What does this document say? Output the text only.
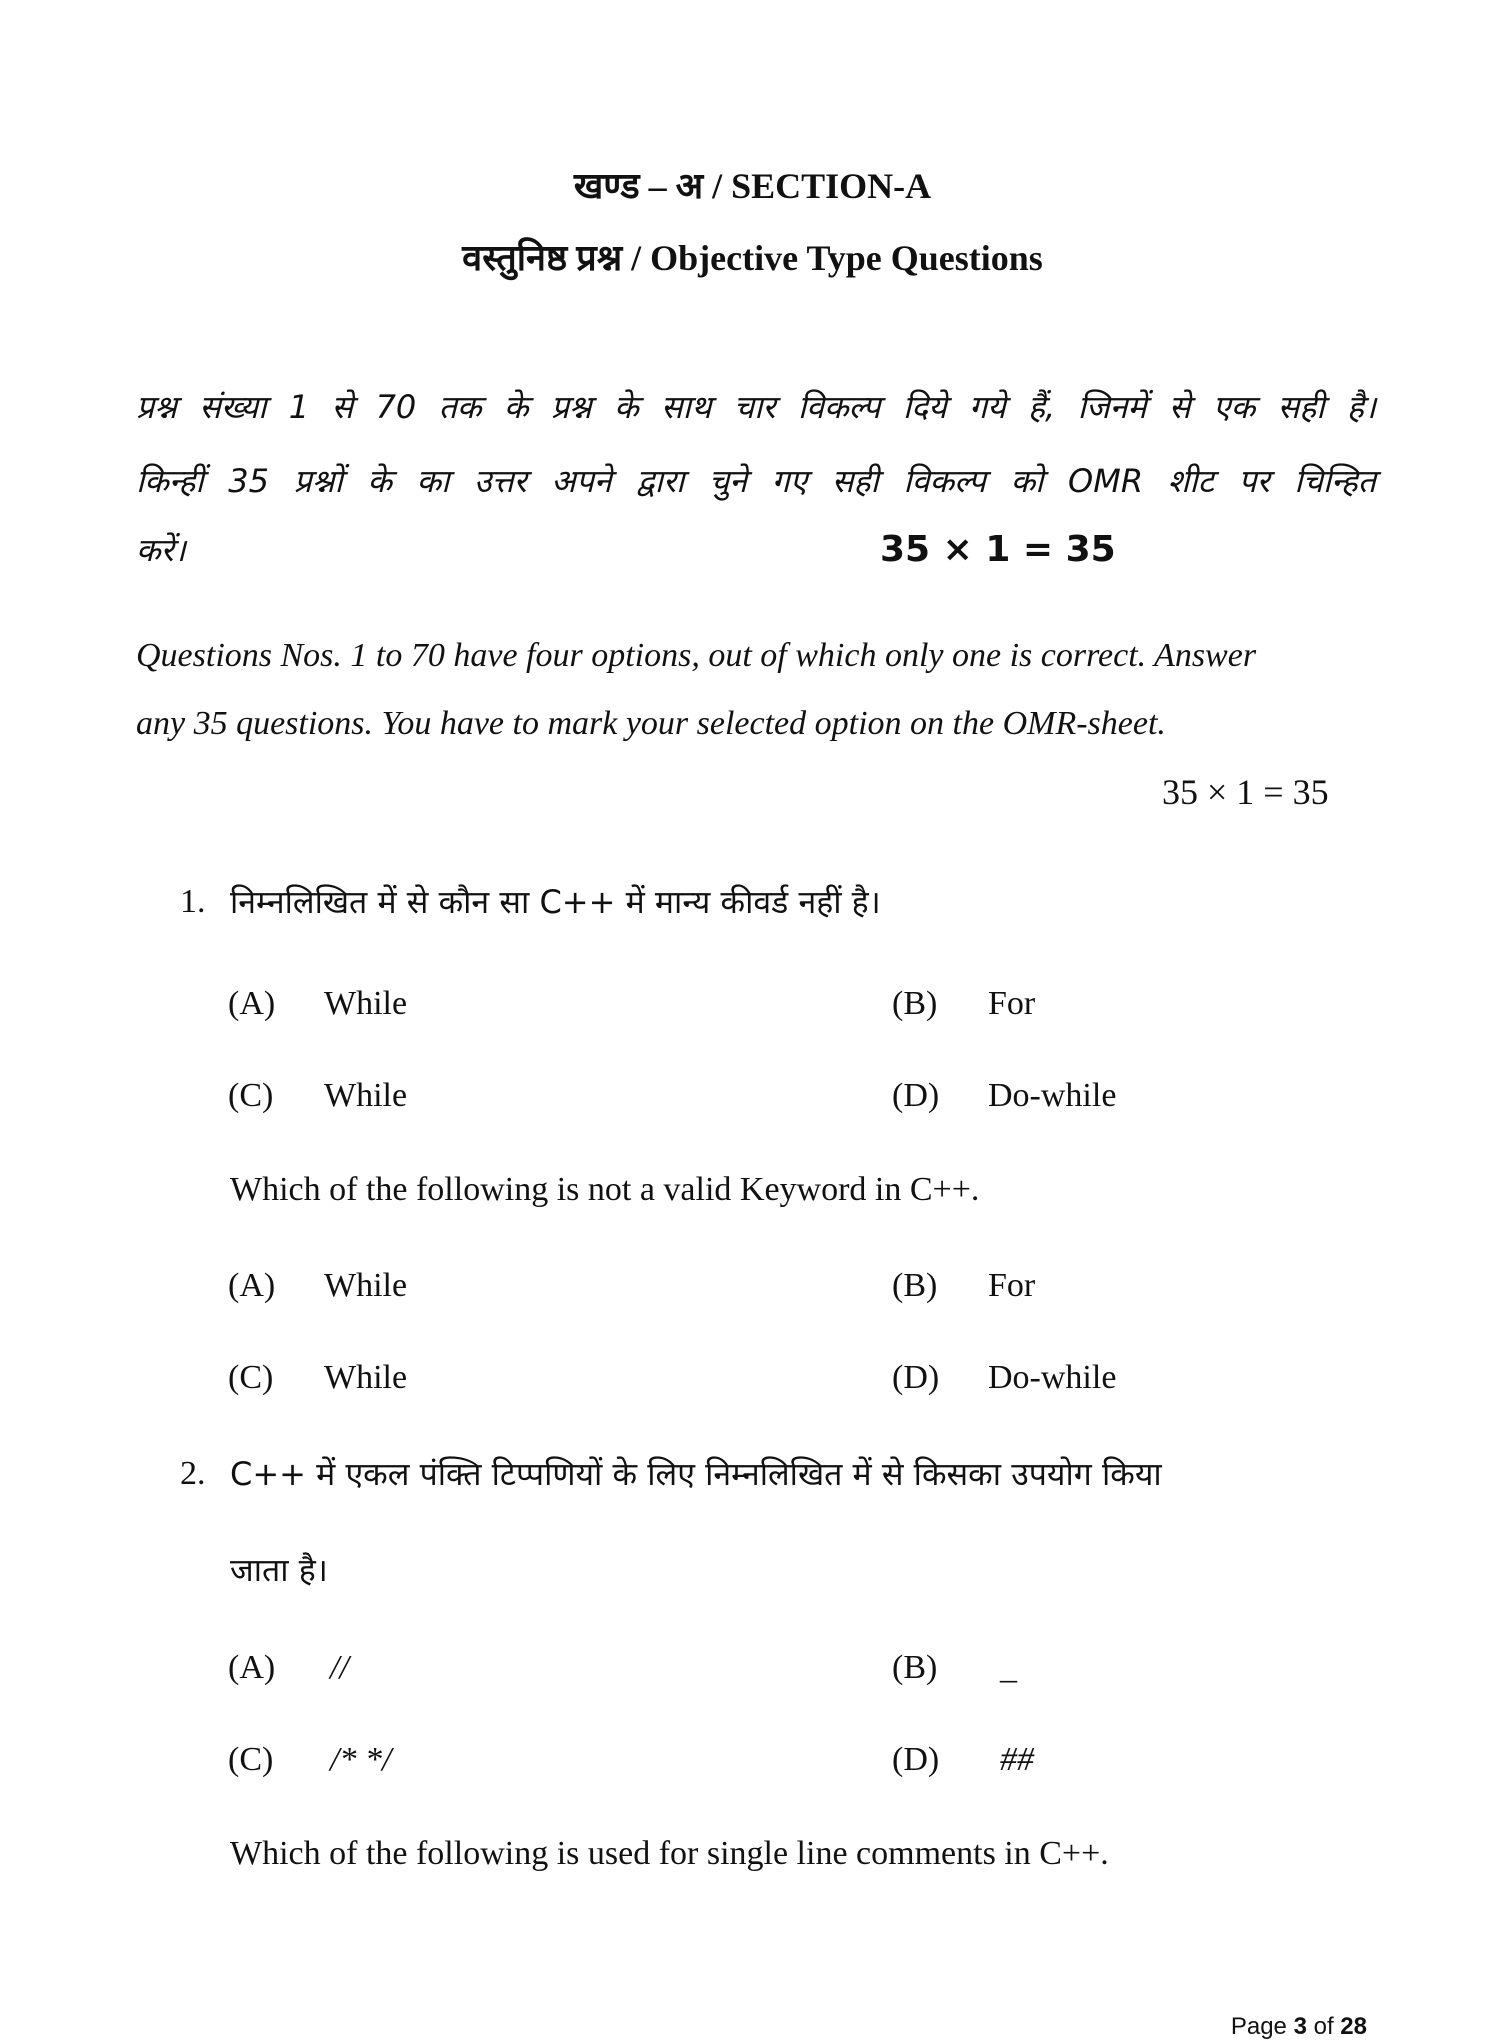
खण्ड – अ / SECTION-A
वस्तुनिष्ठ प्रश्न / Objective Type Questions
प्रश्न संख्या 1 से 70 तक के प्रश्न के साथ चार विकल्प दिये गये हैं, जिनमें से एक सही है।
किन्हीं 35 प्रश्नों के का उत्तर अपने द्वारा चुने गए सही विकल्प को OMR शीट पर चिन्हित
करें।	35 × 1 = 35
Questions Nos. 1 to 70 have four options, out of which only one is correct. Answer
any 35 questions. You have to mark your selected option on the OMR-sheet.
35 × 1 = 35
1. निम्नलिखित में से कौन सा C++ में मान्य कीवर्ड नहीं है।
(A) While	(B) For
(C) While	(D) Do-while
Which of the following is not a valid Keyword in C++.
(A) While	(B) For
(C) While	(D) Do-while
2. C++ में एकल पंक्ति टिप्पणियों के लिए निम्नलिखित में से किसका उपयोग किया
जाता है।
(A) //	(B) _
(C) /* */	(D) ##
Which of the following is used for single line comments in C++.
Page 3 of 28
